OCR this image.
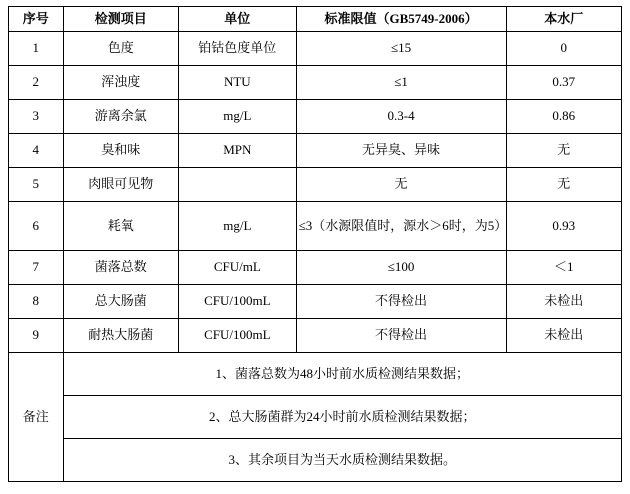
序号	检测项目	单位	标准限值（GB5749-2006）	本水厂
1	色度	铂钴色度单位	≤15	0
2	浑浊度	NTU	≤1	0.37
3	游离余氯	mg/L	0.3-4	0.86
4	臭和味	MPN	无异臭、异味	无
5	肉眼可见物		无	无
6	耗氧	mg/L	≤3（水源限值时，源水＞6时，为5）	0.93
7	菌落总数	CFU/mL	≤100	＜1
8	总大肠菌	CFU/100mL	不得检出	未检出
9	耐热大肠菌	CFU/100mL	不得检出	未检出
备注	1、菌落总数为48小时前水质检测结果数据；			
	2、总大肠菌群为24小时前水质检测结果数据；			
	3、其余项目为当天水质检测结果数据。			
